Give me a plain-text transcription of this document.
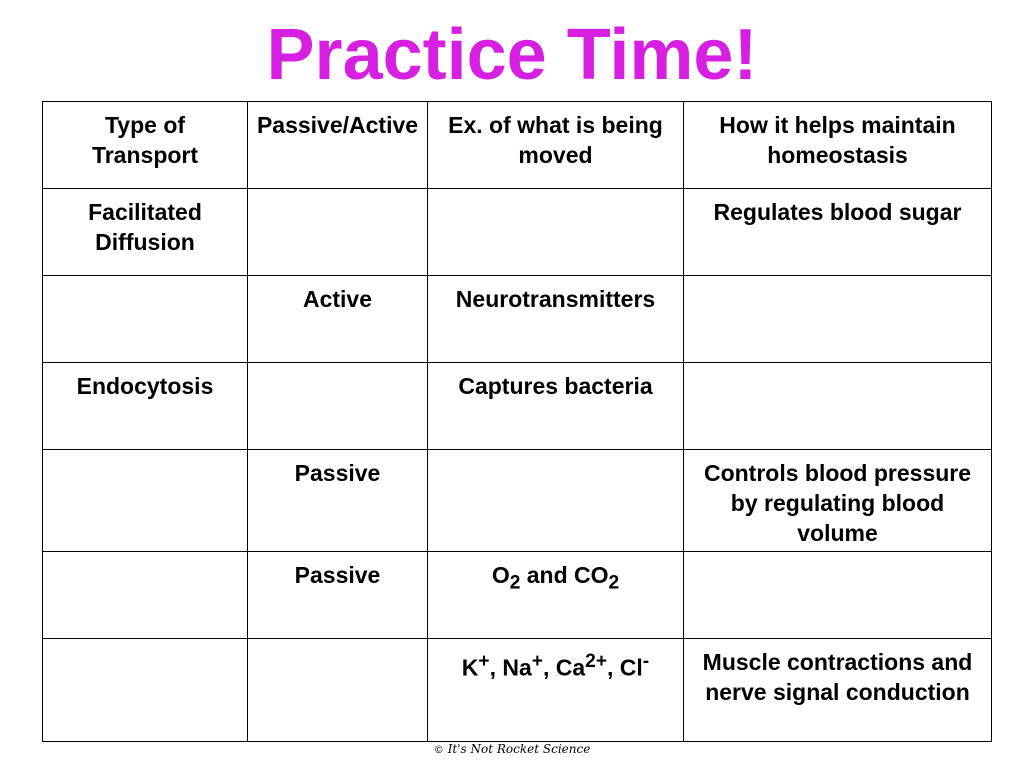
Practice Time!
Type of Transport	Passive/Active	Ex. of what is being moved	How it helps maintain homeostasis
Facilitated Diffusion			Regulates blood sugar
	Active	Neurotransmitters	
Endocytosis		Captures bacteria	
	Passive		Controls blood pressure by regulating blood volume
	Passive	$O_2$ and $CO_2$	
		K+, Na+, $Ca^{2+}$, Cl-	Muscle contractions and nerve signal conduction
© It's Not Rocket Science
